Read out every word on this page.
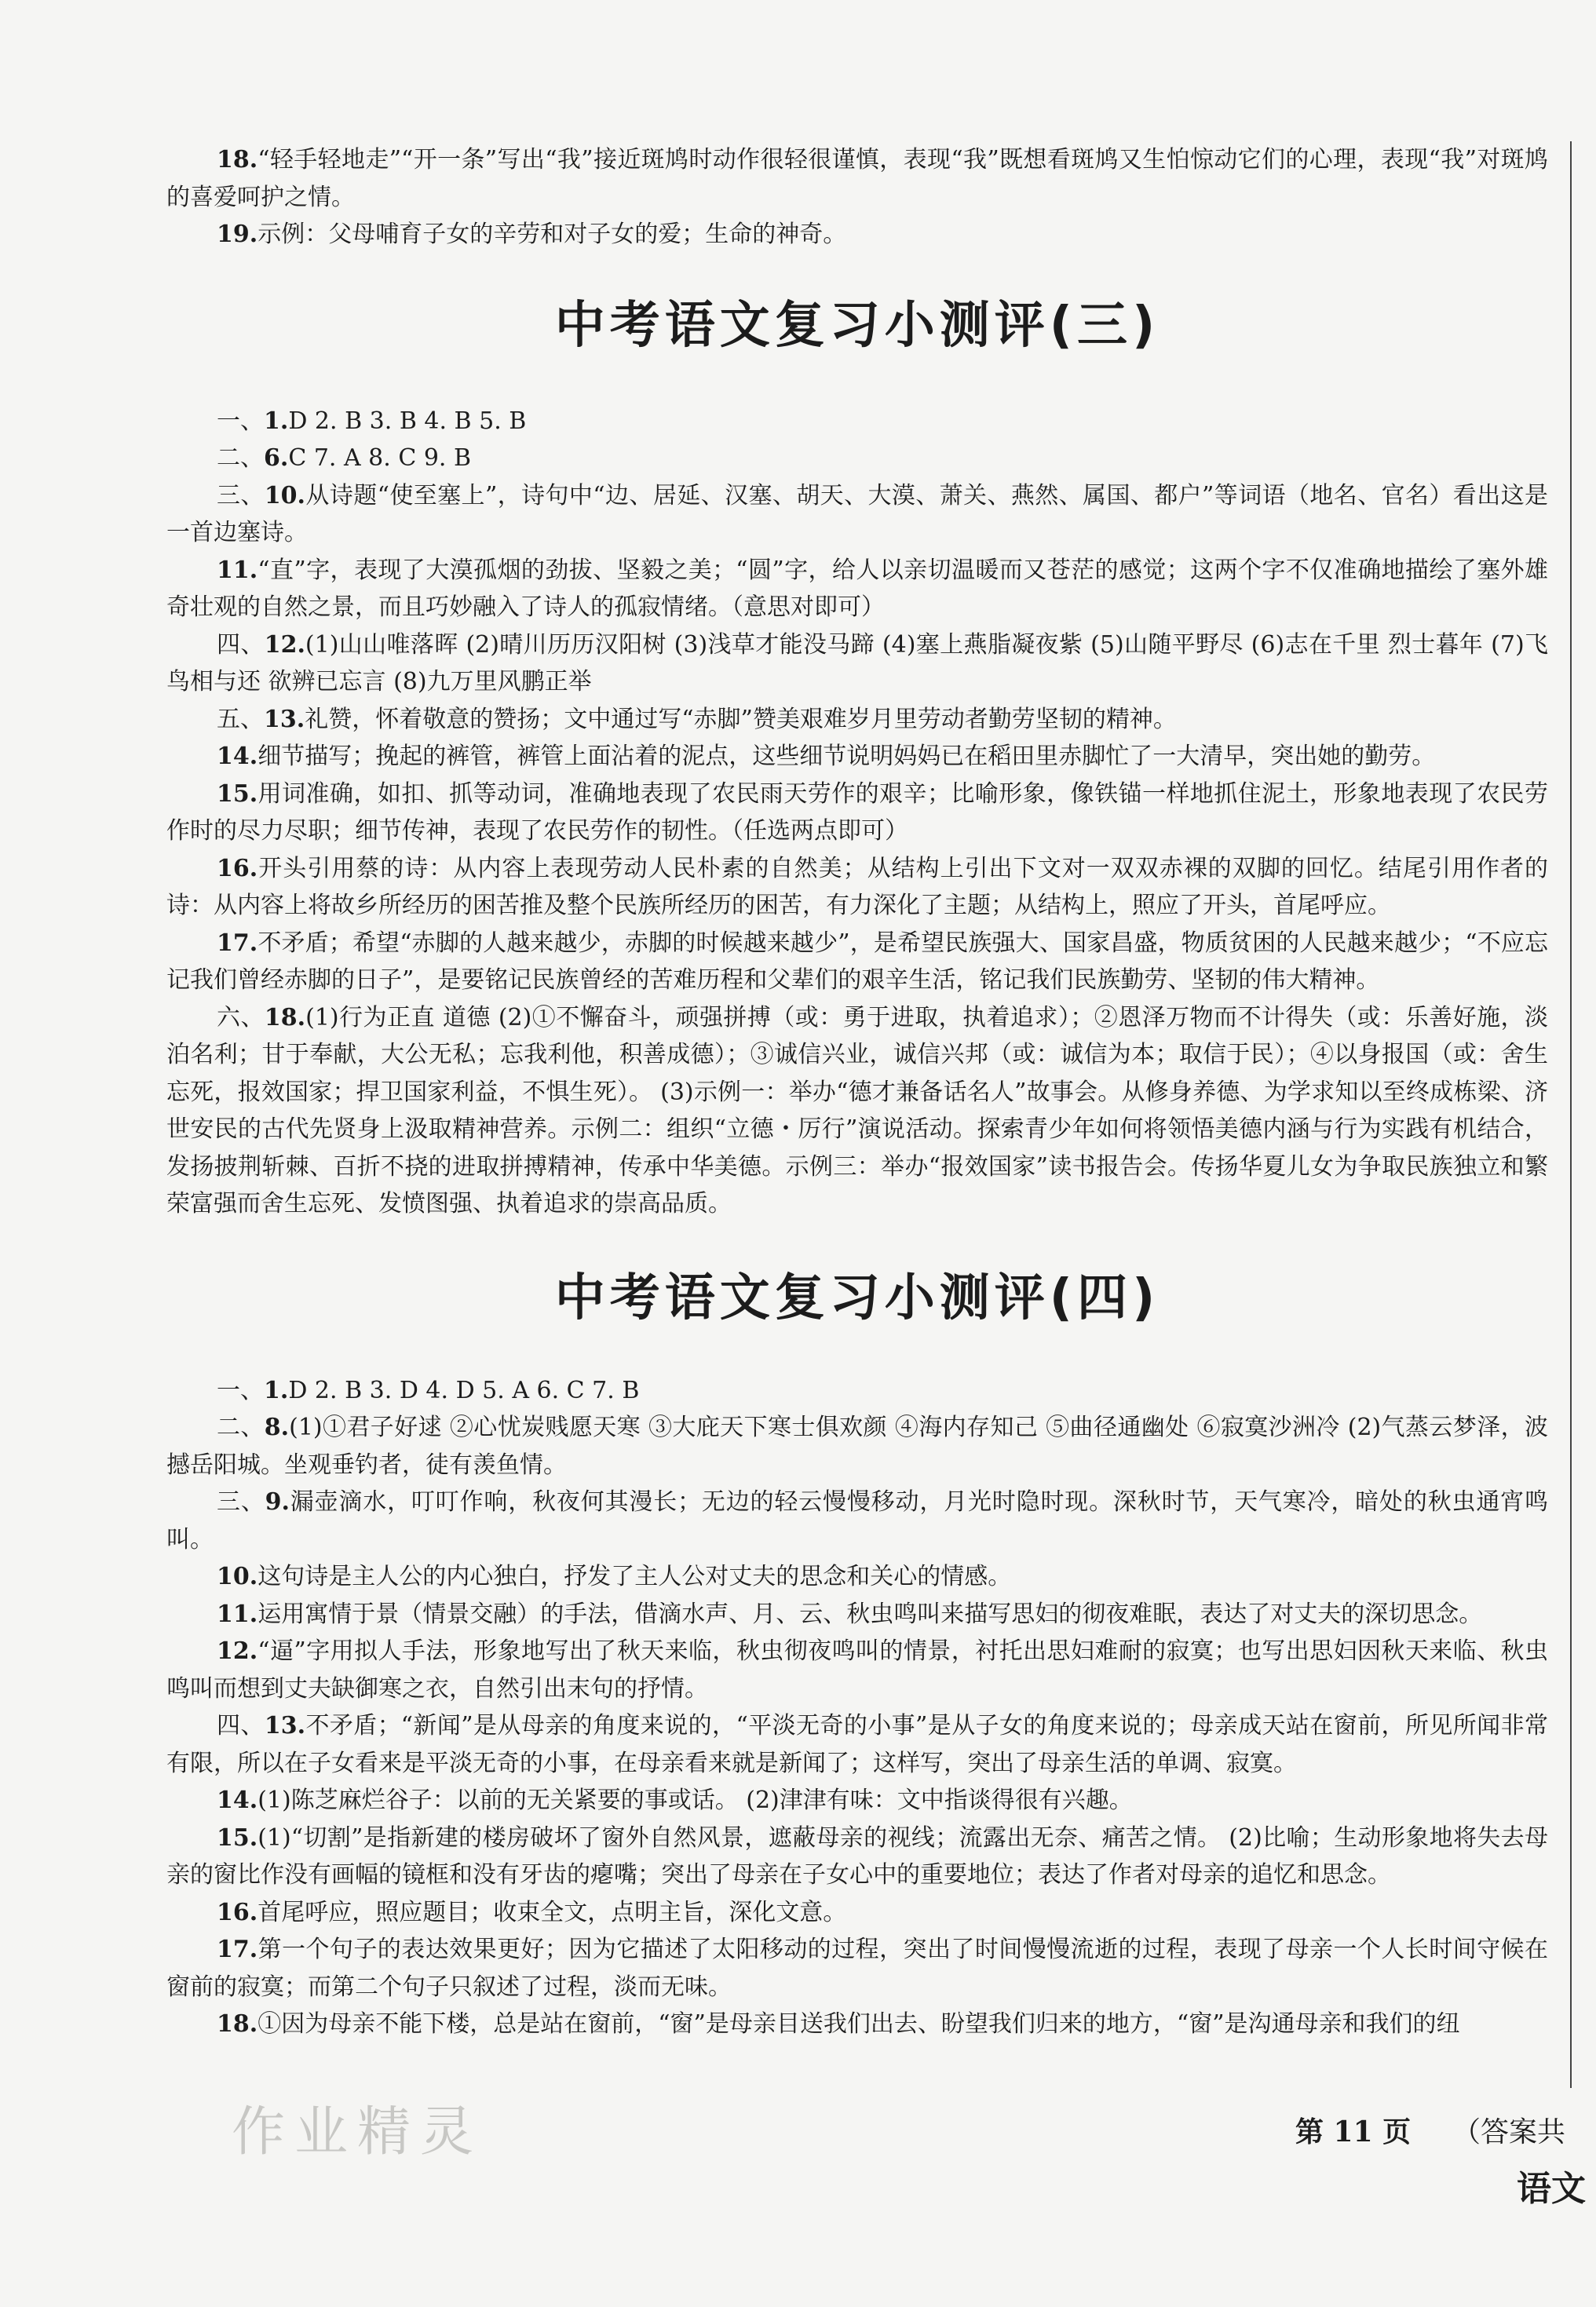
18.“轻手轻地走”“开一条”写出“我”接近斑鸠时动作很轻很谨慎，表现“我”既想看斑鸠又生怕惊动它们的心理，表现“我”对斑鸠的喜爱呵护之情。

19.示例：父母哺育子女的辛劳和对子女的爱；生命的神奇。

中考语文复习小测评(三)

一、1.D 2. B 3. B 4. B 5. B

二、6.C 7. A 8. C 9. B

三、10.从诗题“使至塞上”，诗句中“边、居延、汉塞、胡天、大漠、萧关、燕然、属国、都户”等词语（地名、官名）看出这是一首边塞诗。

11.“直”字，表现了大漠孤烟的劲拔、坚毅之美；“圆”字，给人以亲切温暖而又苍茫的感觉；这两个字不仅准确地描绘了塞外雄奇壮观的自然之景，而且巧妙融入了诗人的孤寂情绪。（意思对即可）

四、12.(1)山山唯落晖 (2)晴川历历汉阳树 (3)浅草才能没马蹄 (4)塞上燕脂凝夜紫 (5)山随平野尽 (6)志在千里 烈士暮年 (7)飞鸟相与还 欲辨已忘言 (8)九万里风鹏正举

五、13.礼赞，怀着敬意的赞扬；文中通过写“赤脚”赞美艰难岁月里劳动者勤劳坚韧的精神。

14.细节描写；挽起的裤管，裤管上面沾着的泥点，这些细节说明妈妈已在稻田里赤脚忙了一大清早，突出她的勤劳。

15.用词准确，如扣、抓等动词，准确地表现了农民雨天劳作的艰辛；比喻形象，像铁锚一样地抓住泥土，形象地表现了农民劳作时的尽力尽职；细节传神，表现了农民劳作的韧性。（任选两点即可）

16.开头引用蔡的诗：从内容上表现劳动人民朴素的自然美；从结构上引出下文对一双双赤裸的双脚的回忆。结尾引用作者的诗：从内容上将故乡所经历的困苦推及整个民族所经历的困苦，有力深化了主题；从结构上，照应了开头，首尾呼应。

17.不矛盾；希望“赤脚的人越来越少，赤脚的时候越来越少”，是希望民族强大、国家昌盛，物质贫困的人民越来越少；“不应忘记我们曾经赤脚的日子”，是要铭记民族曾经的苦难历程和父辈们的艰辛生活，铭记我们民族勤劳、坚韧的伟大精神。

六、18.(1)行为正直 道德 (2)①不懈奋斗，顽强拼搏（或：勇于进取，执着追求）；②恩泽万物而不计得失（或：乐善好施，淡泊名利；甘于奉献，大公无私；忘我利他，积善成德）；③诚信兴业，诚信兴邦（或：诚信为本；取信于民）；④以身报国（或：舍生忘死，报效国家；捍卫国家利益，不惧生死）。 (3)示例一：举办“德才兼备话名人”故事会。从修身养德、为学求知以至终成栋梁、济世安民的古代先贤身上汲取精神营养。示例二：组织“立德・厉行”演说活动。探索青少年如何将领悟美德内涵与行为实践有机结合，发扬披荆斩棘、百折不挠的进取拼搏精神，传承中华美德。示例三：举办“报效国家”读书报告会。传扬华夏儿女为争取民族独立和繁荣富强而舍生忘死、发愤图强、执着追求的崇高品质。

中考语文复习小测评(四)

一、1.D 2. B 3. D 4. D 5. A 6. C 7. B

二、8.(1)①君子好逑 ②心忧炭贱愿天寒 ③大庇天下寒士俱欢颜 ④海内存知己 ⑤曲径通幽处 ⑥寂寞沙洲冷 (2)气蒸云梦泽，波撼岳阳城。坐观垂钓者，徒有羡鱼情。

三、9.漏壶滴水，叮叮作响，秋夜何其漫长；无边的轻云慢慢移动，月光时隐时现。深秋时节，天气寒冷，暗处的秋虫通宵鸣叫。

10.这句诗是主人公的内心独白，抒发了主人公对丈夫的思念和关心的情感。

11.运用寓情于景（情景交融）的手法，借滴水声、月、云、秋虫鸣叫来描写思妇的彻夜难眠，表达了对丈夫的深切思念。

12.“逼”字用拟人手法，形象地写出了秋天来临，秋虫彻夜鸣叫的情景，衬托出思妇难耐的寂寞；也写出思妇因秋天来临、秋虫鸣叫而想到丈夫缺御寒之衣，自然引出末句的抒情。

四、13.不矛盾；“新闻”是从母亲的角度来说的，“平淡无奇的小事”是从子女的角度来说的；母亲成天站在窗前，所见所闻非常有限，所以在子女看来是平淡无奇的小事，在母亲看来就是新闻了；这样写，突出了母亲生活的单调、寂寞。

14.(1)陈芝麻烂谷子：以前的无关紧要的事或话。 (2)津津有味：文中指谈得很有兴趣。

15.(1)“切割”是指新建的楼房破坏了窗外自然风景，遮蔽母亲的视线；流露出无奈、痛苦之情。 (2)比喻；生动形象地将失去母亲的窗比作没有画幅的镜框和没有牙齿的瘪嘴；突出了母亲在子女心中的重要地位；表达了作者对母亲的追忆和思念。

16.首尾呼应，照应题目；收束全文，点明主旨，深化文意。

17.第一个句子的表达效果更好；因为它描述了太阳移动的过程，突出了时间慢慢流逝的过程，表现了母亲一个人长时间守候在窗前的寂寞；而第二个句子只叙述了过程，淡而无味。

18.①因为母亲不能下楼，总是站在窗前，“窗”是母亲目送我们出去、盼望我们归来的地方，“窗”是沟通母亲和我们的纽

作业精灵	第 11 页 （答案共
语文
